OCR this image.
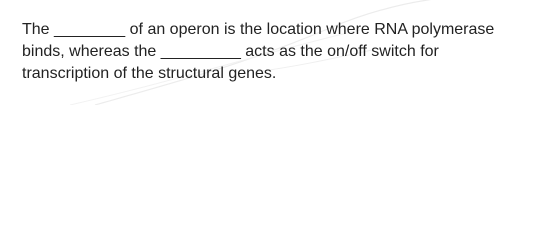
The ________ of an operon is the location where RNA polymerase
binds, whereas the _________ acts as the on/off switch for
transcription of the structural genes.
